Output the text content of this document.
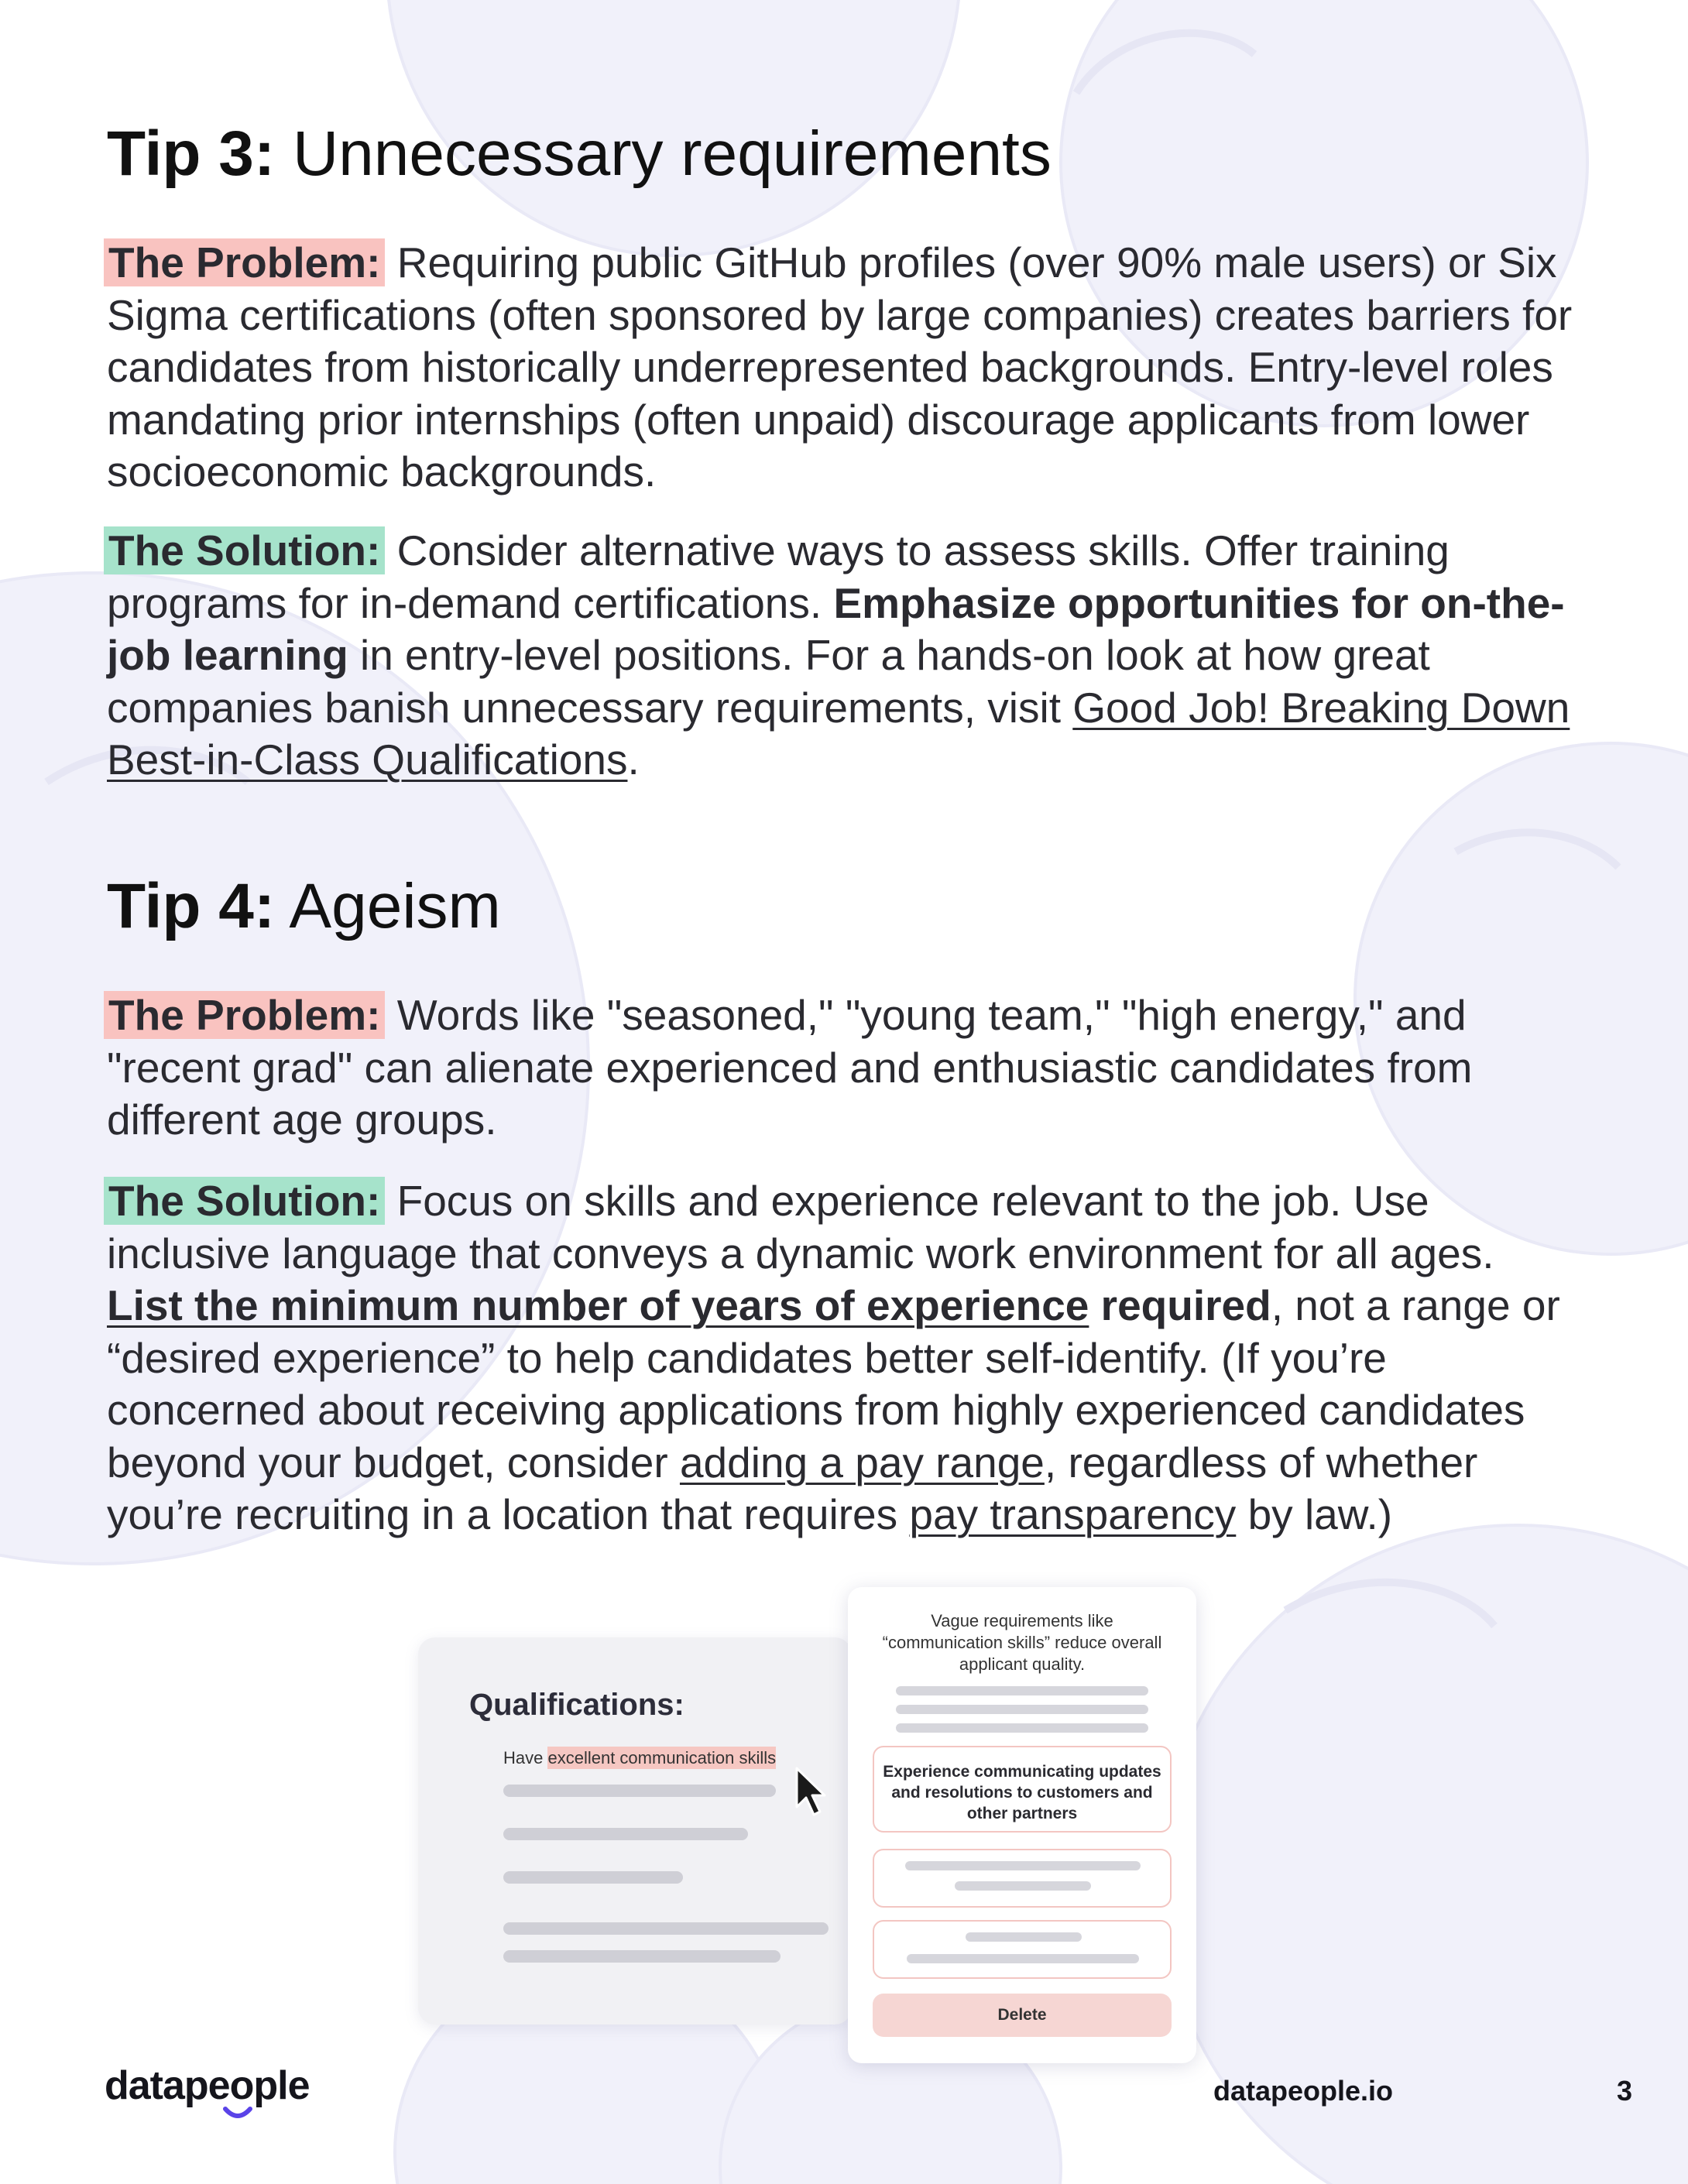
Tip 3: Unnecessary requirements

The Problem: Requiring public GitHub profiles (over 90% male users) or Six Sigma certifications (often sponsored by large companies) creates barriers for candidates from historically underrepresented backgrounds. Entry-level roles mandating prior internships (often unpaid) discourage applicants from lower socioeconomic backgrounds.

The Solution: Consider alternative ways to assess skills. Offer training programs for in-demand certifications. Emphasize opportunities for on-the-job learning in entry-level positions. For a hands-on look at how great companies banish unnecessary requirements, visit Good Job! Breaking Down Best-in-Class Qualifications.

Tip 4: Ageism

The Problem: Words like "seasoned," "young team," "high energy," and "recent grad" can alienate experienced and enthusiastic candidates from different age groups.

The Solution: Focus on skills and experience relevant to the job. Use inclusive language that conveys a dynamic work environment for all ages. List the minimum number of years of experience required, not a range or “desired experience” to help candidates better self-identify. (If you’re concerned about receiving applications from highly experienced candidates beyond your budget, consider adding a pay range, regardless of whether you’re recruiting in a location that requires pay transparency by law.)

Qualifications:
Have excellent communication skills

Vague requirements like “communication skills” reduce overall applicant quality.

Experience communicating updates and resolutions to customers and other partners

Delete
datapeople	datapeople.io	3
